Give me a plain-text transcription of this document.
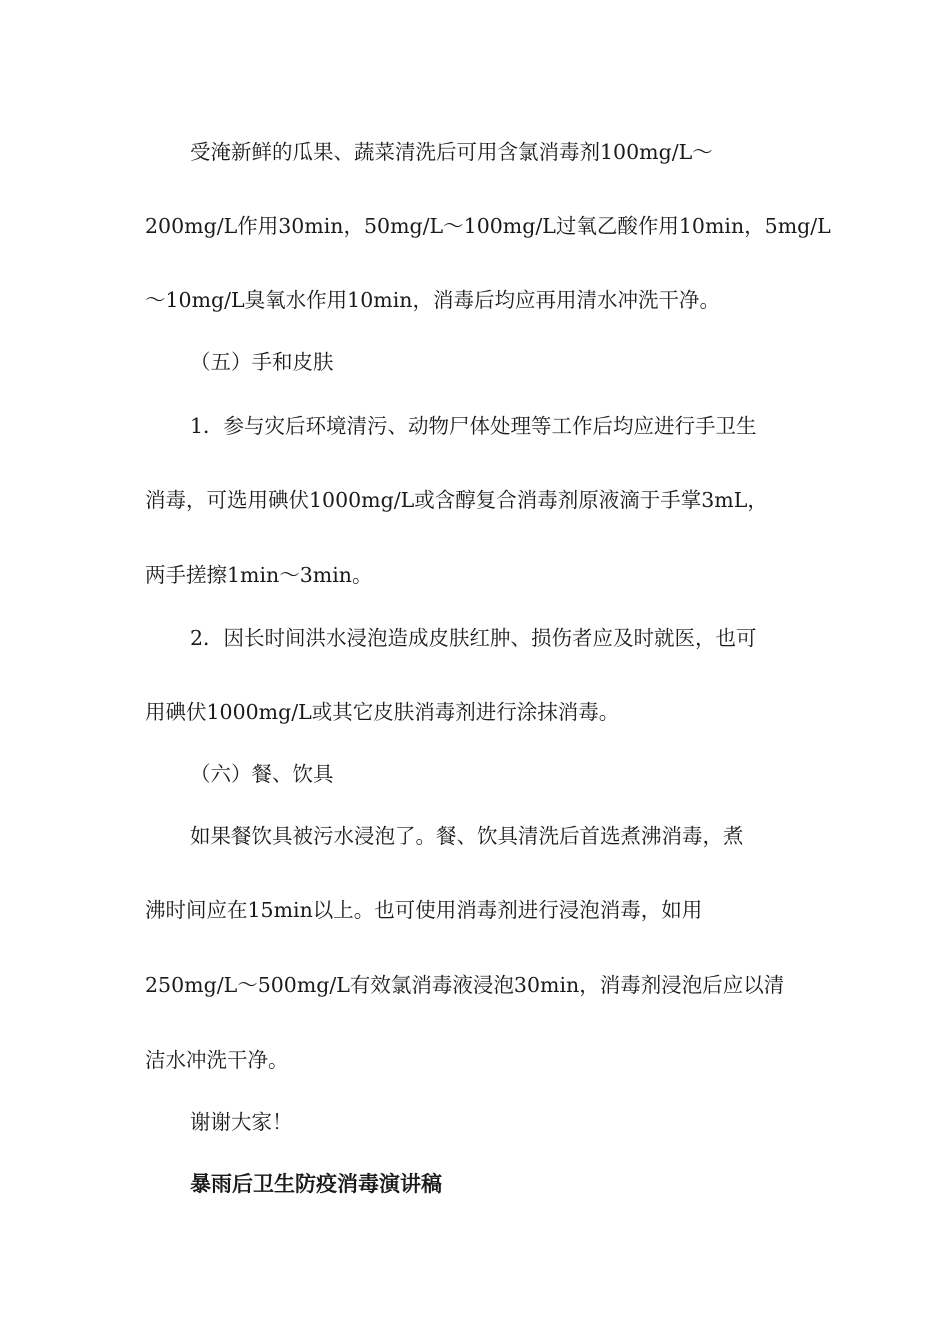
受淹新鲜的瓜果、蔬菜清洗后可用含氯消毒剂100mg/L～
200mg/L作用30min，50mg/L～100mg/L过氧乙酸作用10min，5mg/L
～10mg/L臭氧水作用10min，消毒后均应再用清水冲洗干净。
（五）手和皮肤
1．参与灾后环境清污、动物尸体处理等工作后均应进行手卫生
消毒，可选用碘伏1000mg/L或含醇复合消毒剂原液滴于手掌3mL，
两手搓擦1min～3min。
2．因长时间洪水浸泡造成皮肤红肿、损伤者应及时就医，也可
用碘伏1000mg/L或其它皮肤消毒剂进行涂抹消毒。
（六）餐、饮具
如果餐饮具被污水浸泡了。餐、饮具清洗后首选煮沸消毒，煮
沸时间应在15min以上。也可使用消毒剂进行浸泡消毒，如用
250mg/L～500mg/L有效氯消毒液浸泡30min，消毒剂浸泡后应以清
洁水冲洗干净。
谢谢大家！
暴雨后卫生防疫消毒演讲稿
